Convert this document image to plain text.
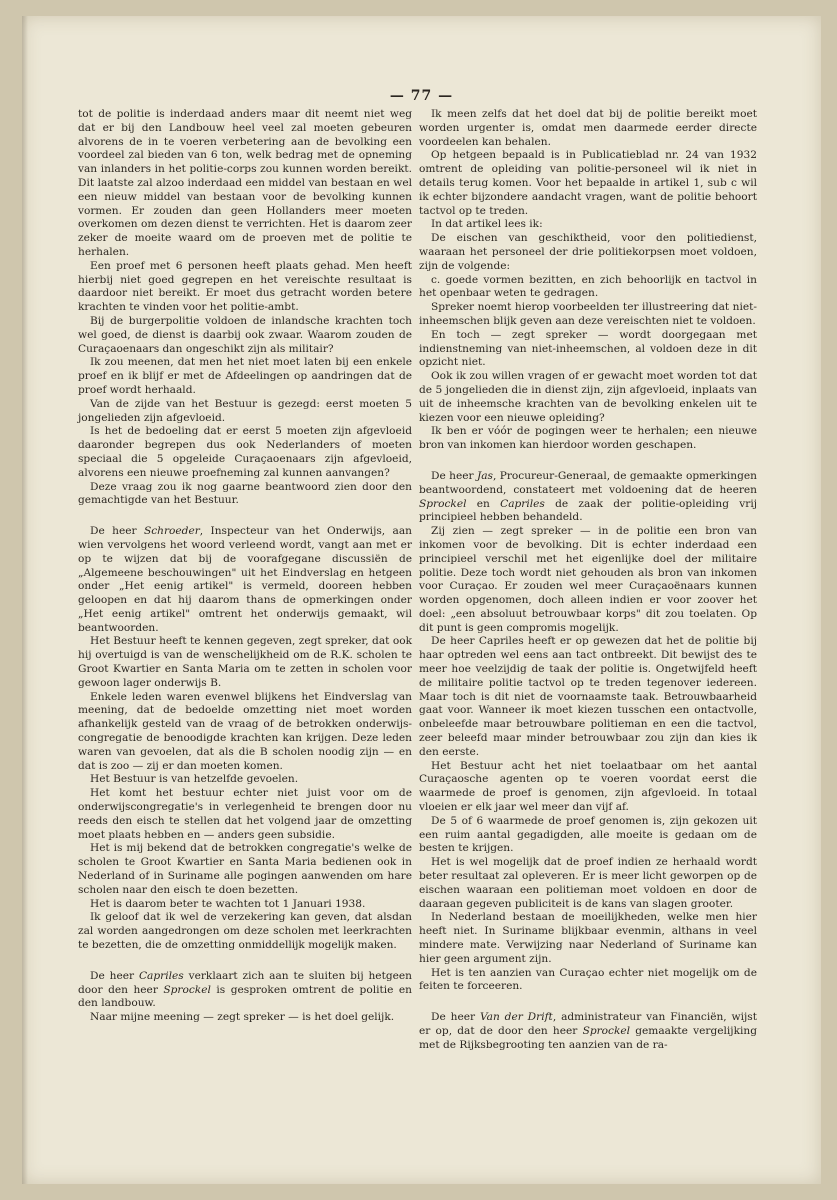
— 77 —

tot de politie is inderdaad anders maar dit neemt niet weg dat er bij den Landbouw heel veel zal moeten gebeuren alvorens de in te voeren verbetering aan de bevolking een voordeel zal bieden van 6 ton, welk bedrag met de opneming van inlanders in het politie-corps zou kunnen worden bereikt. Dit laatste zal alzoo inderdaad een middel van bestaan en wel een nieuw middel van bestaan voor de bevolking kunnen vormen. Er zouden dan geen Hollanders meer moeten overkomen om dezen dienst te verrichten. Het is daarom zeer zeker de moeite waard om de proeven met de politie te herhalen.

Een proef met 6 personen heeft plaats gehad. Men heeft hierbij niet goed gegrepen en het vereischte resultaat is daardoor niet bereikt. Er moet dus getracht worden betere krachten te vinden voor het politie-ambt.

Bij de burgerpolitie voldoen de inlandsche krachten toch wel goed, de dienst is daarbij ook zwaar. Waarom zouden de Curaçaoenaars dan ongeschikt zijn als militair?

Ik zou meenen, dat men het niet moet laten bij een enkele proef en ik blijf er met de Afdeelingen op aandringen dat de proef wordt herhaald.

Van de zijde van het Bestuur is gezegd: eerst moeten 5 jongelieden zijn afgevloeid.

Is het de bedoeling dat er eerst 5 moeten zijn afgevloeid daaronder begrepen dus ook Nederlanders of moeten speciaal die 5 opgeleide Curaçaoenaars zijn afgevloeid, alvorens een nieuwe proefneming zal kunnen aanvangen?

Deze vraag zou ik nog gaarne beantwoord zien door den gemachtigde van het Bestuur.

De heer Schroeder, Inspecteur van het Onderwijs, aan wien vervolgens het woord verleend wordt, vangt aan met er op te wijzen dat bij de voorafgegane discussiën de „Algemeene beschouwingen" uit het Eindverslag en hetgeen onder „Het eenig artikel" is vermeld, dooreen hebben geloopen en dat hij daarom thans de opmerkingen onder „Het eenig artikel" omtrent het onderwijs gemaakt, wil beantwoorden.

Het Bestuur heeft te kennen gegeven, zegt spreker, dat ook hij overtuigd is van de wenschelijkheid om de R.K. scholen te Groot Kwartier en Santa Maria om te zetten in scholen voor gewoon lager onderwijs B.

Enkele leden waren evenwel blijkens het Eindverslag van meening, dat de bedoelde omzetting niet moet worden afhankelijk gesteld van de vraag of de betrokken onderwijs-congregatie de benoodigde krachten kan krijgen. Deze leden waren van gevoelen, dat als die B scholen noodig zijn — en dat is zoo — zij er dan moeten komen.

Het Bestuur is van hetzelfde gevoelen.

Het komt het bestuur echter niet juist voor om de onderwijscongregatie's in verlegenheid te brengen door nu reeds den eisch te stellen dat het volgend jaar de omzetting moet plaats hebben en — anders geen subsidie.

Het is mij bekend dat de betrokken congregatie's welke de scholen te Groot Kwartier en Santa Maria bedienen ook in Nederland of in Suriname alle pogingen aanwenden om hare scholen naar den eisch te doen bezetten.

Het is daarom beter te wachten tot 1 Januari 1938.

Ik geloof dat ik wel de verzekering kan geven, dat alsdan zal worden aangedrongen om deze scholen met leerkrachten te bezetten, die de omzetting onmiddellijk mogelijk maken.

De heer Capriles verklaart zich aan te sluiten bij hetgeen door den heer Sprockel is gesproken omtrent de politie en den landbouw.

Naar mijne meening — zegt spreker — is het doel gelijk.

Ik meen zelfs dat het doel dat bij de politie bereikt moet worden urgenter is, omdat men daarmede eerder directe voordeelen kan behalen.

Op hetgeen bepaald is in Publicatieblad nr. 24 van 1932 omtrent de opleiding van politie-personeel wil ik niet in details terug komen. Voor het bepaalde in artikel 1, sub c wil ik echter bijzondere aandacht vragen, want de politie behoort tactvol op te treden.

In dat artikel lees ik:

De eischen van geschiktheid, voor den politiedienst, waaraan het personeel der drie politiekorpsen moet voldoen, zijn de volgende:

c. goede vormen bezitten, en zich behoorlijk en tactvol in het openbaar weten te gedragen.

Spreker noemt hierop voorbeelden ter illustreering dat niet-inheemschen blijk geven aan deze vereischten niet te voldoen.

En toch — zegt spreker — wordt doorgegaan met indienstneming van niet-inheemschen, al voldoen deze in dit opzicht niet.

Ook ik zou willen vragen of er gewacht moet worden tot dat de 5 jongelieden die in dienst zijn, zijn afgevloeid, inplaats van uit de inheemsche krachten van de bevolking enkelen uit te kiezen voor een nieuwe opleiding?

Ik ben er vóór de pogingen weer te herhalen; een nieuwe bron van inkomen kan hierdoor worden geschapen.

De heer Jas, Procureur-Generaal, de gemaakte opmerkingen beantwoordend, constateert met voldoening dat de heeren Sprockel en Capriles de zaak der politie-opleiding vrij principieel hebben behandeld.

Zij zien — zegt spreker — in de politie een bron van inkomen voor de bevolking. Dit is echter inderdaad een principieel verschil met het eigenlijke doel der militaire politie. Deze toch wordt niet gehouden als bron van inkomen voor Curaçao. Er zouden wel meer Curaçaoënaars kunnen worden opgenomen, doch alleen indien er voor zoover het doel: „een absoluut betrouwbaar korps" dit zou toelaten. Op dit punt is geen compromis mogelijk.

De heer Capriles heeft er op gewezen dat het de politie bij haar optreden wel eens aan tact ontbreekt. Dit bewijst des te meer hoe veelzijdig de taak der politie is. Ongetwijfeld heeft de militaire politie tactvol op te treden tegenover iedereen. Maar toch is dit niet de voornaamste taak. Betrouwbaarheid gaat voor. Wanneer ik moet kiezen tusschen een ontactvolle, onbeleefde maar betrouwbare politieman en een die tactvol, zeer beleefd maar minder betrouwbaar zou zijn dan kies ik den eerste.

Het Bestuur acht het niet toelaatbaar om het aantal Curaçaosche agenten op te voeren voordat eerst die waarmede de proef is genomen, zijn afgevloeid. In totaal vloeien er elk jaar wel meer dan vijf af.

De 5 of 6 waarmede de proef genomen is, zijn gekozen uit een ruim aantal gegadigden, alle moeite is gedaan om de besten te krijgen.

Het is wel mogelijk dat de proef indien ze herhaald wordt beter resultaat zal opleveren. Er is meer licht geworpen op de eischen waaraan een politieman moet voldoen en door de daaraan gegeven publiciteit is de kans van slagen grooter.

In Nederland bestaan de moeilijkheden, welke men hier heeft niet. In Suriname blijkbaar evenmin, althans in veel mindere mate. Verwijzing naar Nederland of Suriname kan hier geen argument zijn.

Het is ten aanzien van Curaçao echter niet mogelijk om de feiten te forceeren.

De heer Van der Drift, administrateur van Financiën, wijst er op, dat de door den heer Sprockel gemaakte vergelijking met de Rijksbegrooting ten aanzien van de ra-
